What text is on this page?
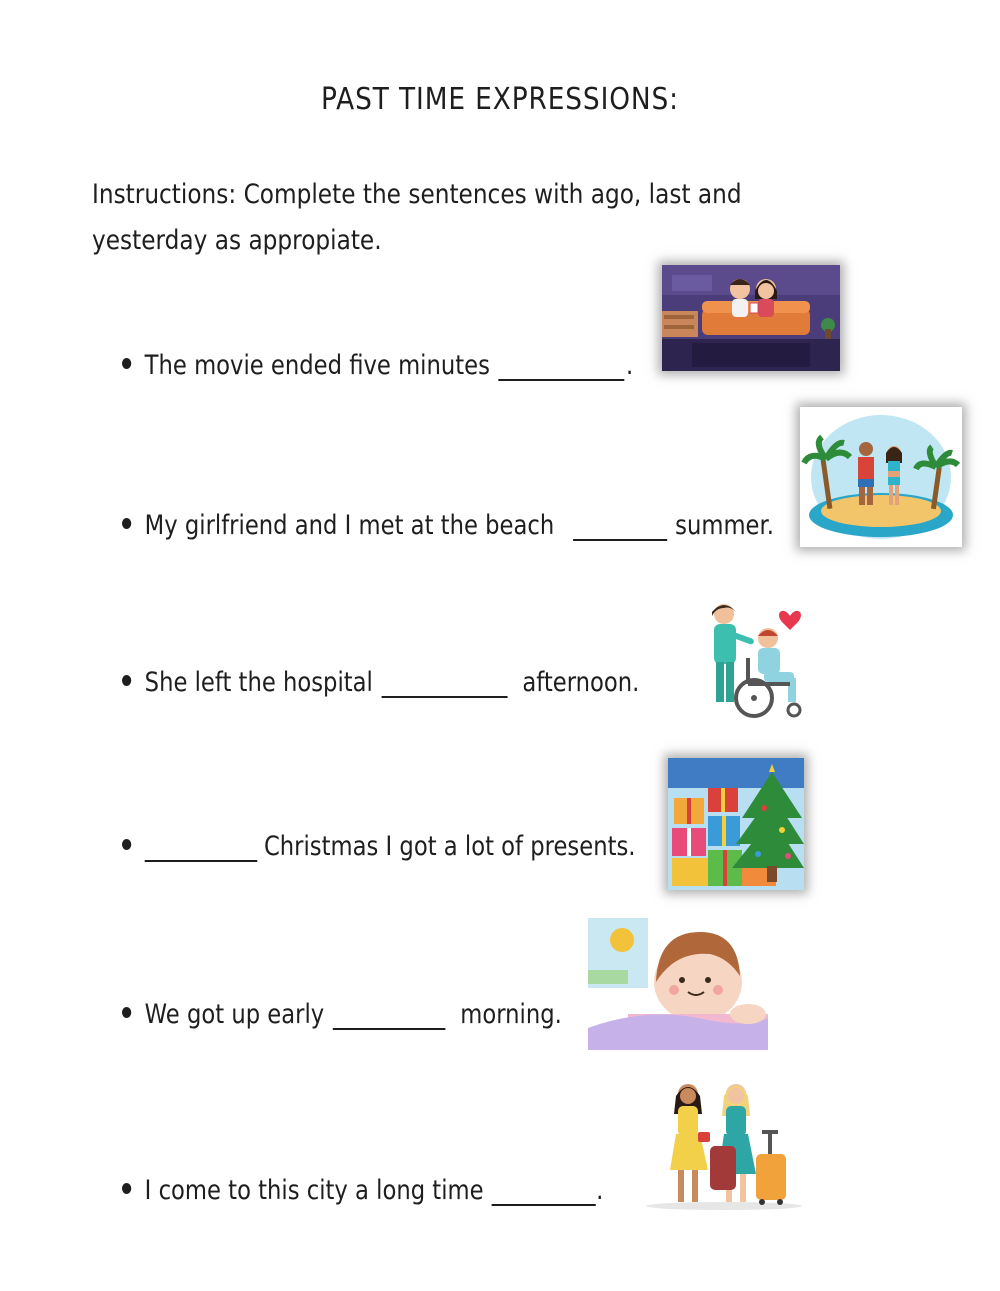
PAST TIME EXPRESSIONS:
Instructions: Complete the sentences with ago, last and yesterday as appropiate.
The movie ended five minutes	.
My girlfriend and I met at the beach	summer.
She left the hospital	afternoon.
Christmas I got a lot of presents.
We got up early	morning.
I come to this city a long time	.
